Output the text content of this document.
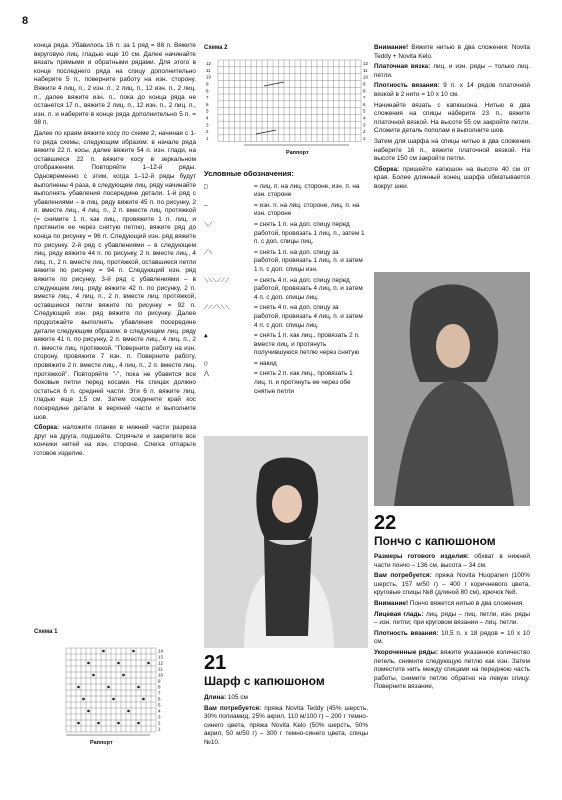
8

конца ряда. Убавилось 16 п. за 1 ряд = 88 п. Вяжите вкруговую лиц. гладью еще 10 см. Далее начинайте вязать прямыми и обратными рядами. Для этого в конце последнего ряда на спицу дополнительно наберите 5 п., поверните работу на изн. сторону. Вяжите 4 лиц. п., 2 изн. п., 2 лиц. п., 12 изн. п., 2 лиц. п., далее вяжите изн. п., пока до конца ряда не останется 17 п., вяжите 2 лиц. п., 12 изн. п., 2 лиц. п., изн. п. и наберите в конце ряда дополнительно 5 п. = 98 п.

Далее по краям вяжите косу по схеме 2, начиная с 1-го ряда схемы, следующим образом: в начале ряда вяжите 22 п. косы, далее вяжите 54 п. изн. глади, на оставшиеся 22 п. вяжите косу в зеркальном отображении. Повторяйте 1–12-й ряды. Одновременно с этим, когда 1–12-й ряды будут выполнены 4 раза, в следующем лиц. ряду начинайте выполнять убавления посередине детали. 1-й ряд с убавлениями – в лиц. ряду вяжите 45 п. по рисунку, 2 п. вместе лиц., 4 лиц. п., 2 п. вместе лиц. протяжкой (= снимите 1 п. как лиц., провяжите 1 п. лиц. и протяните ее через снятую петлю), вяжите ряд до конца по рисунку = 96 п. Следующий изн. ряд вяжите по рисунку. 2-й ряд с убавлениями – в следующем лиц. ряду вяжите 44 п. по рисунку, 2 п. вместе лиц., 4 лиц. п., 2 п. вместе лиц. протяжкой, оставшиеся петли вяжите по рисунку = 94 п. Следующий изн. ряд вяжите по рисунку. 3-й ряд с убавлениями – в следующем лиц. ряду вяжите 42 п. по рисунку, 2 п. вместе лиц., 4 лиц. п., 2 п. вместе лиц. протяжкой, оставшиеся петли вяжите по рисунку = 92 п. Следующий изн. ряд вяжите по рисунку. Далее продолжайте выполнять убавления посередине детали следующим образом: в следующем лиц. ряду вяжите 41 п. по рисунку, 2 п. вместе лиц., 4 лиц. п., 2 п. вместе лиц. протяжкой. "Поверните работу на изн. сторону, провяжите 7 изн. п. Поверните работу, провяжите 2 п. вместе лиц., 4 лиц. п., 2 п. вместе лиц. протяжкой". Повторяйте "-", пока не убавятся все боковые петли перед косами. На спицах должно остаться 6 п. средней части. Эти 6 п. вяжите лиц. гладью еще 1,5 см. Затем соедините край кос посередине детали в верхней части и выполните шов.

Сборка: наложите планки в нижней части разреза друг на друга, подшейте. Спрячьте и закрепите все кончики нитей на изн. стороне. Слегка отпарьте готовое изделие.

Схема 1
1
2
3
4
5
6
7
8
9
10
11
12
13
14
Раппорт
Схема 2
1
2
3
4
5
6
7
8
9
10
11
12
1
2
3
4
5
6
7
8
9
10
11
12
Раппорт
Условные обозначения:
□	= лиц. п. на лиц. стороне, изн. п. на изн. стороне
–	= изн. п. на лиц. стороне, лиц. п. на изн. стороне
⟍⟋	= снять 1 п. на доп. спицу перед работой, провязать 1 лиц. п., затем 1 п. с доп. спицы лиц.
⟋⟍	= снять 1 п. на доп. спицу за работой, провязать 1 лиц. п. и затем 1 п. с доп. спицы изн.
⟍⟍⟍⟋⟋⟋	= снять 4 п. на доп. спицу перед работой, провязать 4 лиц. п. и затем 4 п. с доп. спицы лиц.
⟋⟋⟋⟍⟍⟍	= снять 4 п. на доп. спицу за работой, провязать 4 лиц. п. и затем 4 п. с доп. спицы лиц.
▲	= снять 1 п. как лиц., провязать 2 п. вместе лиц. и протянуть получившуюся петлю через снятую
○	= накид
⋀	= снять 2 п. как лиц., провязать 1 лиц. п. и протянуть ее через обе снятые петли
21
Шарф с капюшоном

Длина: 105 см

Вам потребуется: пряжа Novita Teddy (45% шерсть, 30% полиамид, 25% акрил, 110 м/100 г) – 200 г темно-синего цвета, пряжа Novita Kelo (50% шерсть, 50% акрил, 50 м/50 г) – 300 г темно-синего цвета, спицы №10.

Внимание! Вяжите нитью в два сложения: Novita Teddy + Novita Kelo.

Платочная вязка: лиц. и изн. ряды – только лиц. петли.

Плотность вязания: 9 п. х 14 рядов платочной вязкой в 2 нити = 10 х 10 см.

Начинайте вязать с капюшона. Нитью в два сложения на спицы наберите 23 п., вяжите платочной вязкой. На высоте 55 см закройте петли. Сложите деталь пополам и выполните шов.

Затем для шарфа на спицы нитью в два сложения наберите 16 п., вяжите платочной вязкой. На высоте 150 см закройте петли.

Сборка: пришейте капюшон на высоте 40 см от края. Более длинный конец шарфа обматывается вокруг шеи.

22
Пончо с капюшоном

Размеры готового изделия: обхват в нижней части пончо – 136 см, высота – 34 см.

Вам потребуется: пряжа Novita Huopanen (100% шерсть, 157 м/50 г) – 400 г коричневого цвета, круговые спицы №8 (длиной 80 см), крючок №8.

Внимание! Пончо вяжется нитью в два сложения.

Лицевая гладь: лиц. ряды – лиц. петли, изн. ряды – изн. петли; при круговом вязании – лиц. петли.

Плотность вязания: 10,5 п. х 18 рядов = 10 х 10 см.

Укороченные ряды: вяжите указанное количество петель, снимите следующую петлю как изн. Затем поместите нить между спицами на переднюю часть работы, снимите петлю обратно на левую спицу. Поверните вязание,
